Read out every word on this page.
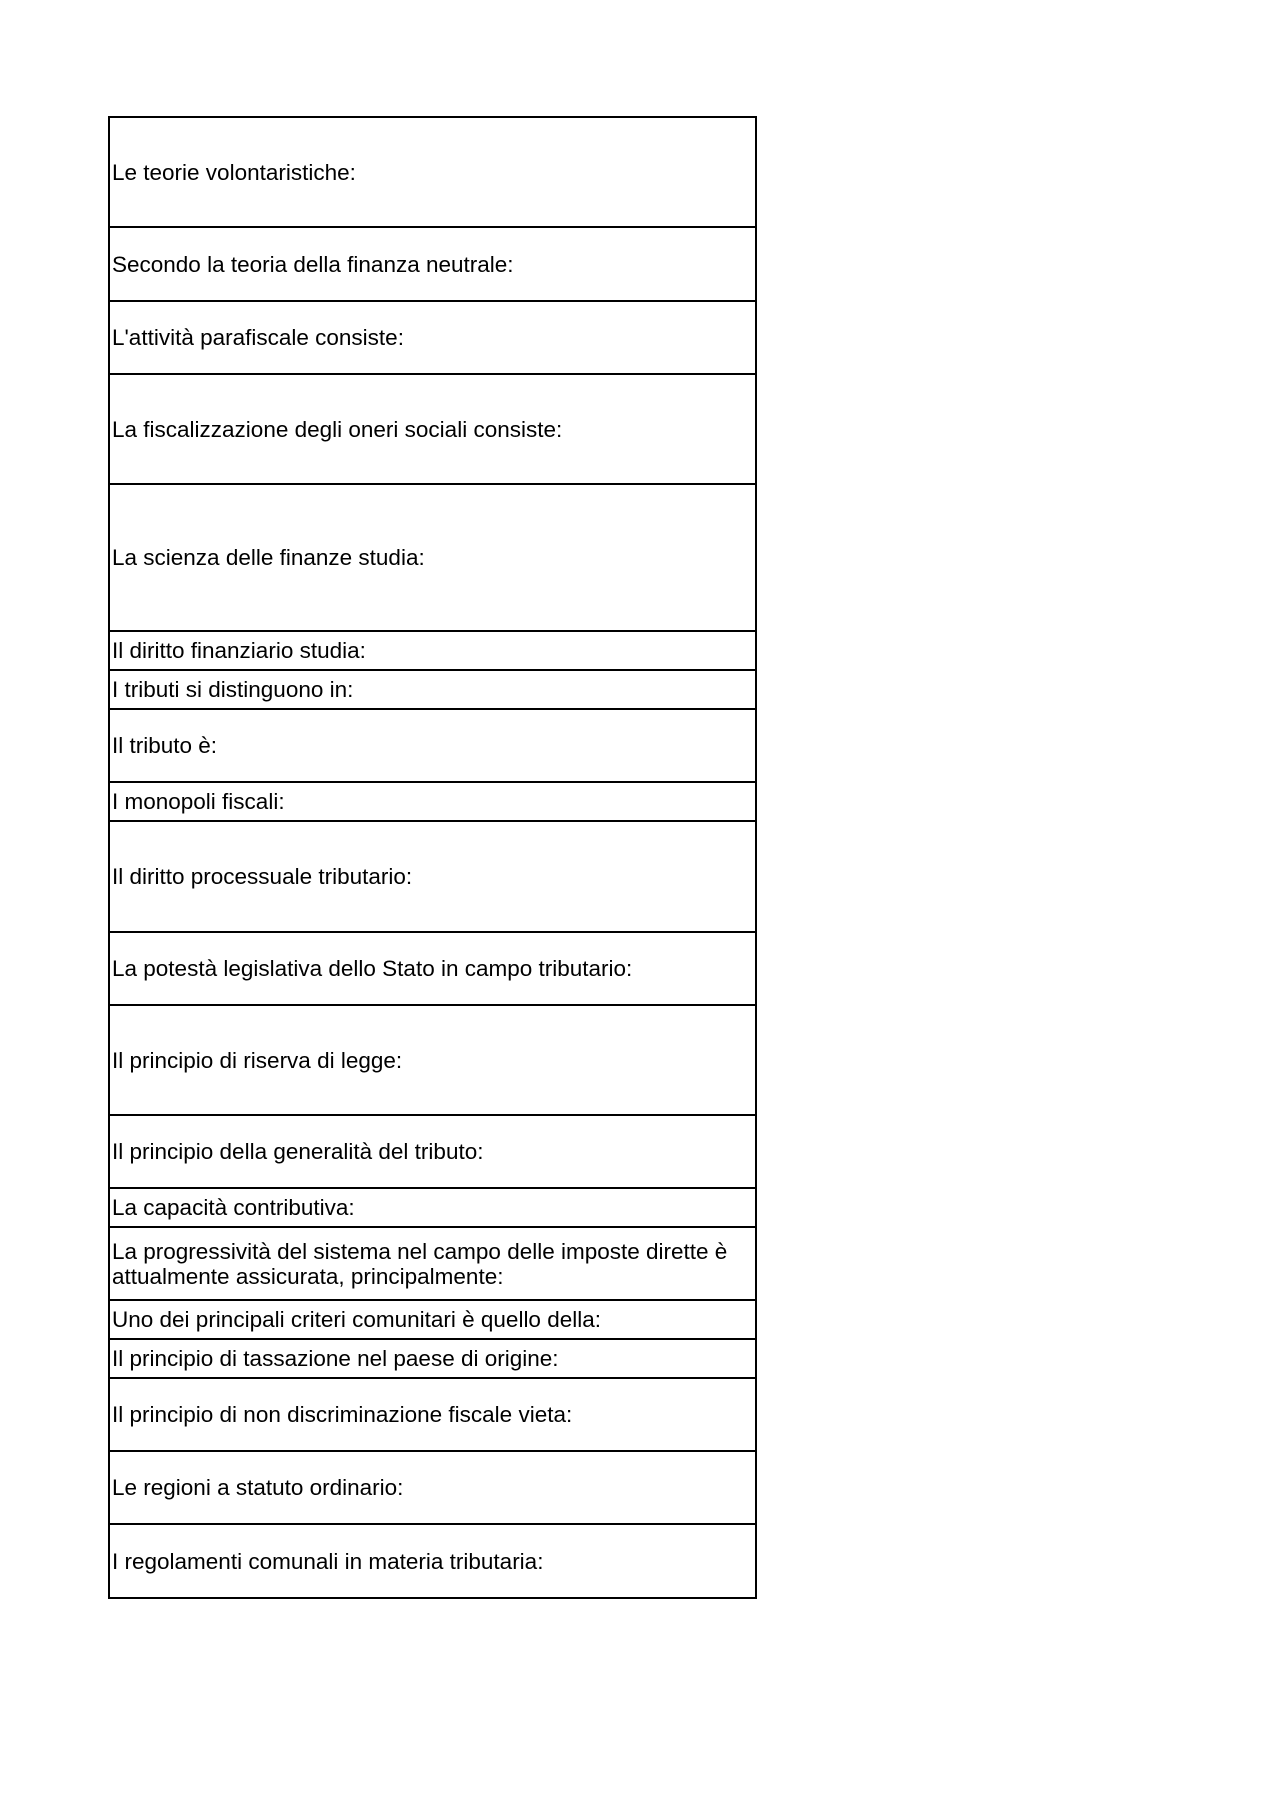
Le teorie volontaristiche:
Secondo la teoria della finanza neutrale:
L'attività parafiscale consiste:
La fiscalizzazione degli oneri sociali consiste:
La scienza delle finanze studia:
Il diritto finanziario studia:
I tributi si distinguono in:
Il tributo è:
I monopoli fiscali:
Il diritto processuale tributario:
La potestà legislativa dello Stato in campo tributario:
Il principio di riserva di legge:
Il principio della generalità del tributo:
La capacità contributiva:
La progressività del sistema nel campo delle imposte dirette è attualmente assicurata, principalmente:
Uno dei principali criteri comunitari è quello della:
Il principio di tassazione nel paese di origine:
Il principio di non discriminazione fiscale vieta:
Le regioni a statuto ordinario:
I regolamenti comunali in materia tributaria:
